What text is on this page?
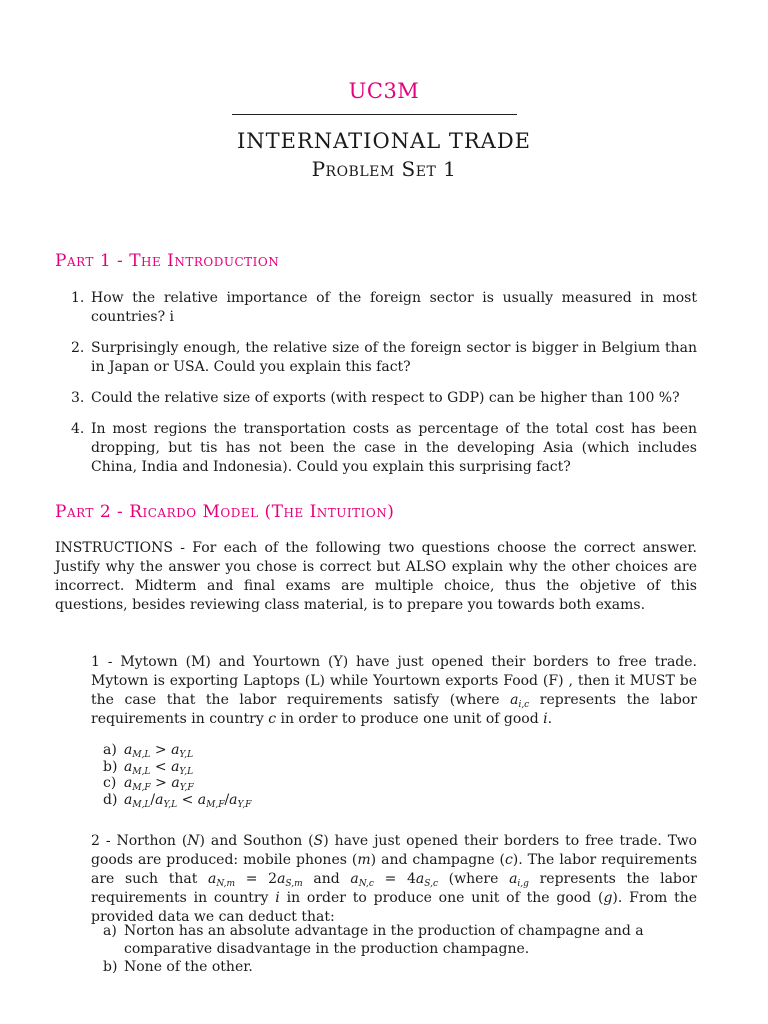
UC3M
INTERNATIONAL TRADE
Problem Set 1
Part 1 - The Introduction
1. How the relative importance of the foreign sector is usually measured in most countries? i
2. Surprisingly enough, the relative size of the foreign sector is bigger in Belgium than in Japan or USA. Could you explain this fact?
3. Could the relative size of exports (with respect to GDP) can be higher than 100 %?
4. In most regions the transportation costs as percentage of the total cost has been dropping, but tis has not been the case in the developing Asia (which includes China, India and Indonesia). Could you explain this surprising fact?
Part 2 - Ricardo Model (The Intuition)
INSTRUCTIONS - For each of the following two questions choose the correct answer. Justify why the answer you chose is correct but ALSO explain why the other choices are incorrect. Midterm and final exams are multiple choice, thus the objetive of this questions, besides reviewing class material, is to prepare you towards both exams.
1 - Mytown (M) and Yourtown (Y) have just opened their borders to free trade. Mytown is exporting Laptops (L) while Yourtown exports Food (F) , then it MUST be the case that the labor requirements satisfy (where $a_{i,c}$ represents the labor requirements in country c in order to produce one unit of good i.
a) $a_{M,L} > a_{Y,L}$
b) $a_{M,L} < a_{Y,L}$
c) $a_{M,F} > a_{Y,F}$
d) $a_{M,L}/a_{Y,L} < a_{M,F}/a_{Y,F}$
2 - Northon (N) and Southon (S) have just opened their borders to free trade. Two goods are produced: mobile phones (m) and champagne (c). The labor requirements are such that $a_{N,m} = 2a_{S,m}$ and $a_{N,c} = 4a_{S,c}$ (where $a_{i,g}$ represents the labor requirements in country i in order to produce one unit of the good (g). From the provided data we can deduct that:
a) Norton has an absolute advantage in the production of champagne and a comparative disadvantage in the production champagne.
b) None of the other.
